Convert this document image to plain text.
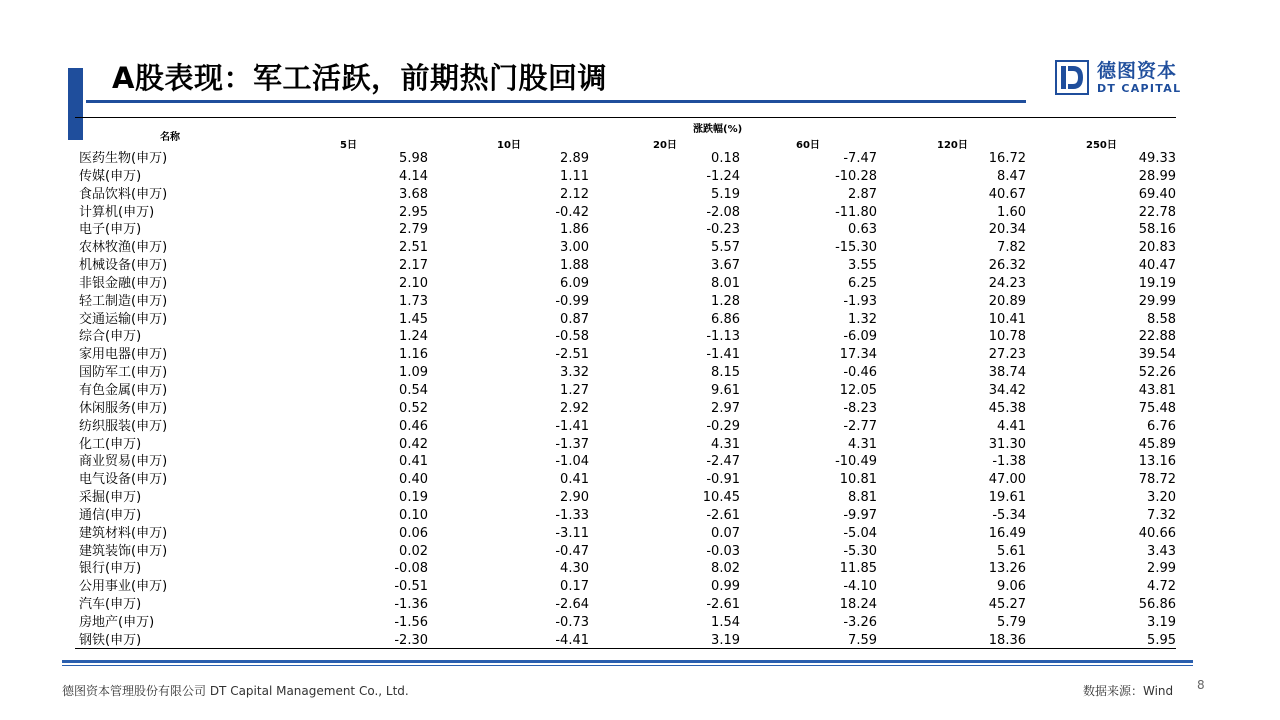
A股表现：军工活跃，前期热门股回调	德图资本
DT CAPITAL
名称
涨跌幅(%)
5日	10日	20日	60日	120日	250日
医药生物(申万)	5.98	2.89	0.18	-7.47	16.72	49.33
传媒(申万)	4.14	1.11	-1.24	-10.28	8.47	28.99
食品饮料(申万)	3.68	2.12	5.19	2.87	40.67	69.40
计算机(申万)	2.95	-0.42	-2.08	-11.80	1.60	22.78
电子(申万)	2.79	1.86	-0.23	0.63	20.34	58.16
农林牧渔(申万)	2.51	3.00	5.57	-15.30	7.82	20.83
机械设备(申万)	2.17	1.88	3.67	3.55	26.32	40.47
非银金融(申万)	2.10	6.09	8.01	6.25	24.23	19.19
轻工制造(申万)	1.73	-0.99	1.28	-1.93	20.89	29.99
交通运输(申万)	1.45	0.87	6.86	1.32	10.41	8.58
综合(申万)	1.24	-0.58	-1.13	-6.09	10.78	22.88
家用电器(申万)	1.16	-2.51	-1.41	17.34	27.23	39.54
国防军工(申万)	1.09	3.32	8.15	-0.46	38.74	52.26
有色金属(申万)	0.54	1.27	9.61	12.05	34.42	43.81
休闲服务(申万)	0.52	2.92	2.97	-8.23	45.38	75.48
纺织服装(申万)	0.46	-1.41	-0.29	-2.77	4.41	6.76
化工(申万)	0.42	-1.37	4.31	4.31	31.30	45.89
商业贸易(申万)	0.41	-1.04	-2.47	-10.49	-1.38	13.16
电气设备(申万)	0.40	0.41	-0.91	10.81	47.00	78.72
采掘(申万)	0.19	2.90	10.45	8.81	19.61	3.20
通信(申万)	0.10	-1.33	-2.61	-9.97	-5.34	7.32
建筑材料(申万)	0.06	-3.11	0.07	-5.04	16.49	40.66
建筑装饰(申万)	0.02	-0.47	-0.03	-5.30	5.61	3.43
银行(申万)	-0.08	4.30	8.02	11.85	13.26	2.99
公用事业(申万)	-0.51	0.17	0.99	-4.10	9.06	4.72
汽车(申万)	-1.36	-2.64	-2.61	18.24	45.27	56.86
房地产(申万)	-1.56	-0.73	1.54	-3.26	5.79	3.19
钢铁(申万)	-2.30	-4.41	3.19	7.59	18.36	5.95
德图资本管理股份有限公司 DT Capital Management Co., Ltd.	数据来源：Wind 8
